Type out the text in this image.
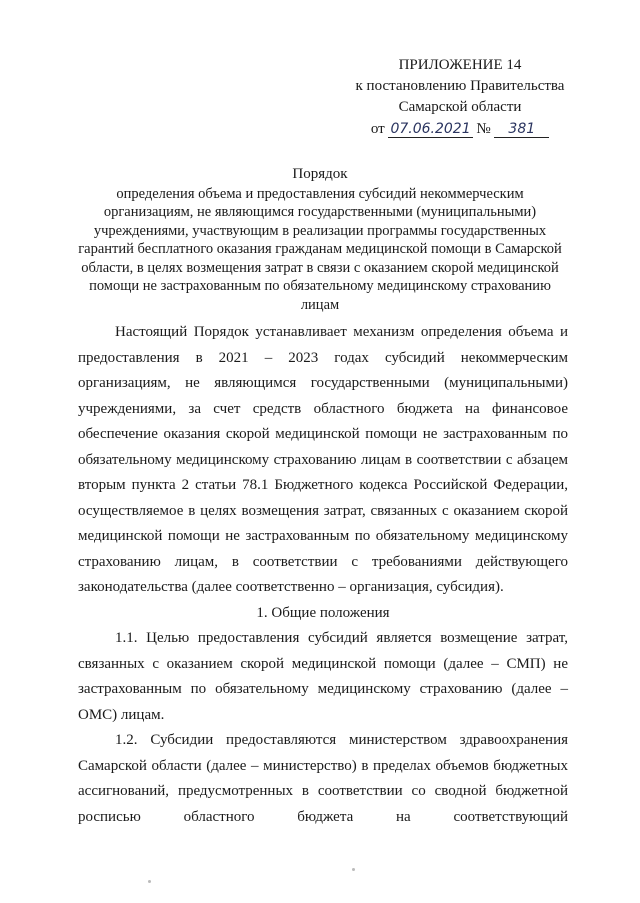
ПРИЛОЖЕНИЕ 14
к постановлению Правительства
Самарской области
от 07.06.2021 № 381
Порядок
определения объема и предоставления субсидий некоммерческим организациям, не являющимся государственными (муниципальными) учреждениями, участвующим в реализации программы государственных гарантий бесплатного оказания гражданам медицинской помощи в Самарской области, в целях возмещения затрат в связи с оказанием скорой медицинской помощи не застрахованным по обязательному медицинскому страхованию лицам

Настоящий Порядок устанавливает механизм определения объема и предоставления в 2021 – 2023 годах субсидий некоммерческим организациям, не являющимся государственными (муниципальными) учреждениями, за счет средств областного бюджета на финансовое обеспечение оказания скорой медицинской помощи не застрахованным по обязательному медицинскому страхованию лицам в соответствии с абзацем вторым пункта 2 статьи 78.1 Бюджетного кодекса Российской Федерации, осуществляемое в целях возмещения затрат, связанных с оказанием скорой медицинской помощи не застрахованным по обязательному медицинскому страхованию лицам, в соответствии с требованиями действующего законодательства (далее соответственно – организация, субсидия).

1. Общие положения

1.1. Целью предоставления субсидий является возмещение затрат, связанных с оказанием скорой медицинской помощи (далее – СМП) не застрахованным по обязательному медицинскому страхованию (далее – ОМС) лицам.

1.2. Субсидии предоставляются министерством здравоохранения Самарской области (далее – министерство) в пределах объемов бюджетных ассигнований, предусмотренных в соответствии со сводной бюджетной росписью областного бюджета на соответствующий
